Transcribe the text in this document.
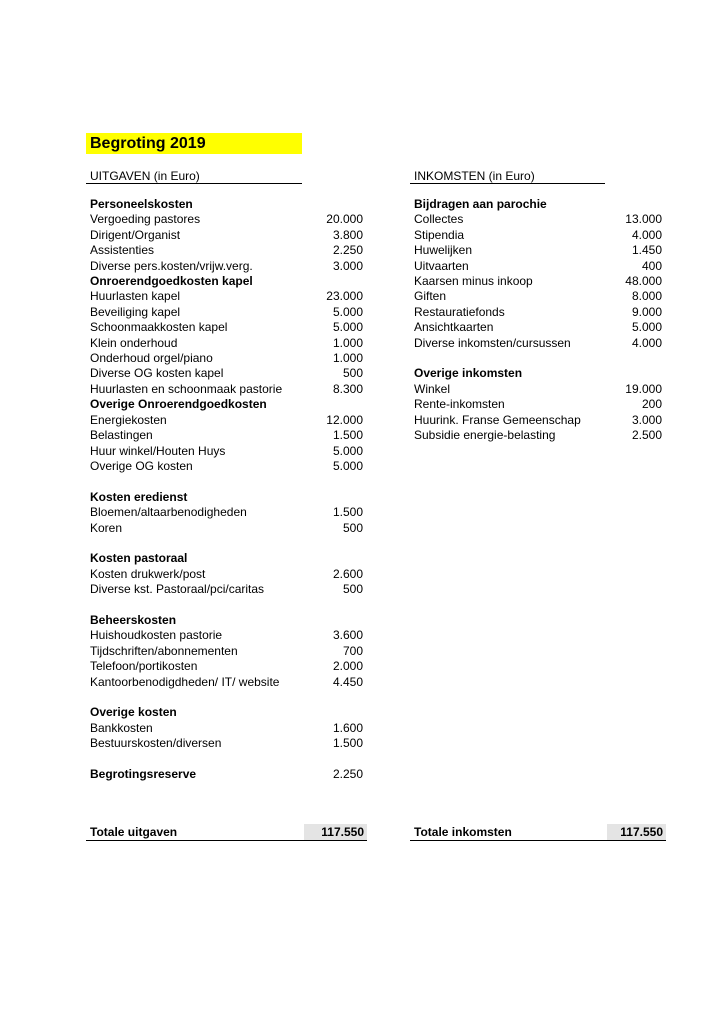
Begroting 2019
UITGAVEN (in Euro)	INKOMSTEN (in Euro)
Personeelskosten
Vergoeding pastores	20.000
Dirigent/Organist	3.800
Assistenties	2.250
Diverse pers.kosten/vrijw.verg.	3.000
Onroerendgoedkosten kapel
Huurlasten kapel	23.000
Beveiliging kapel	5.000
Schoonmaakkosten kapel	5.000
Klein onderhoud	1.000
Onderhoud orgel/piano	1.000
Diverse OG kosten kapel	500
Huurlasten en schoonmaak pastorie	8.300
Overige Onroerendgoedkosten
Energiekosten	12.000
Belastingen	1.500
Huur winkel/Houten Huys	5.000
Overige OG kosten	5.000
Kosten eredienst
Bloemen/altaarbenodigheden	1.500
Koren	500
Kosten pastoraal
Kosten drukwerk/post	2.600
Diverse kst. Pastoraal/pci/caritas	500
Beheerskosten
Huishoudkosten pastorie	3.600
Tijdschriften/abonnementen	700
Telefoon/portikosten	2.000
Kantoorbenodigdheden/ IT/ website	4.450
Overige kosten
Bankkosten	1.600
Bestuurskosten/diversen	1.500
Begrotingsreserve	2.250
Bijdragen aan parochie
Collectes	13.000
Stipendia	4.000
Huwelijken	1.450
Uitvaarten	400
Kaarsen minus inkoop	48.000
Giften	8.000
Restauratiefonds	9.000
Ansichtkaarten	5.000
Diverse inkomsten/cursussen	4.000
Overige inkomsten
Winkel	19.000
Rente-inkomsten	200
Huurink. Franse Gemeenschap	3.000
Subsidie energie-belasting	2.500
Totale uitgaven	117.550	Totale inkomsten	117.550
